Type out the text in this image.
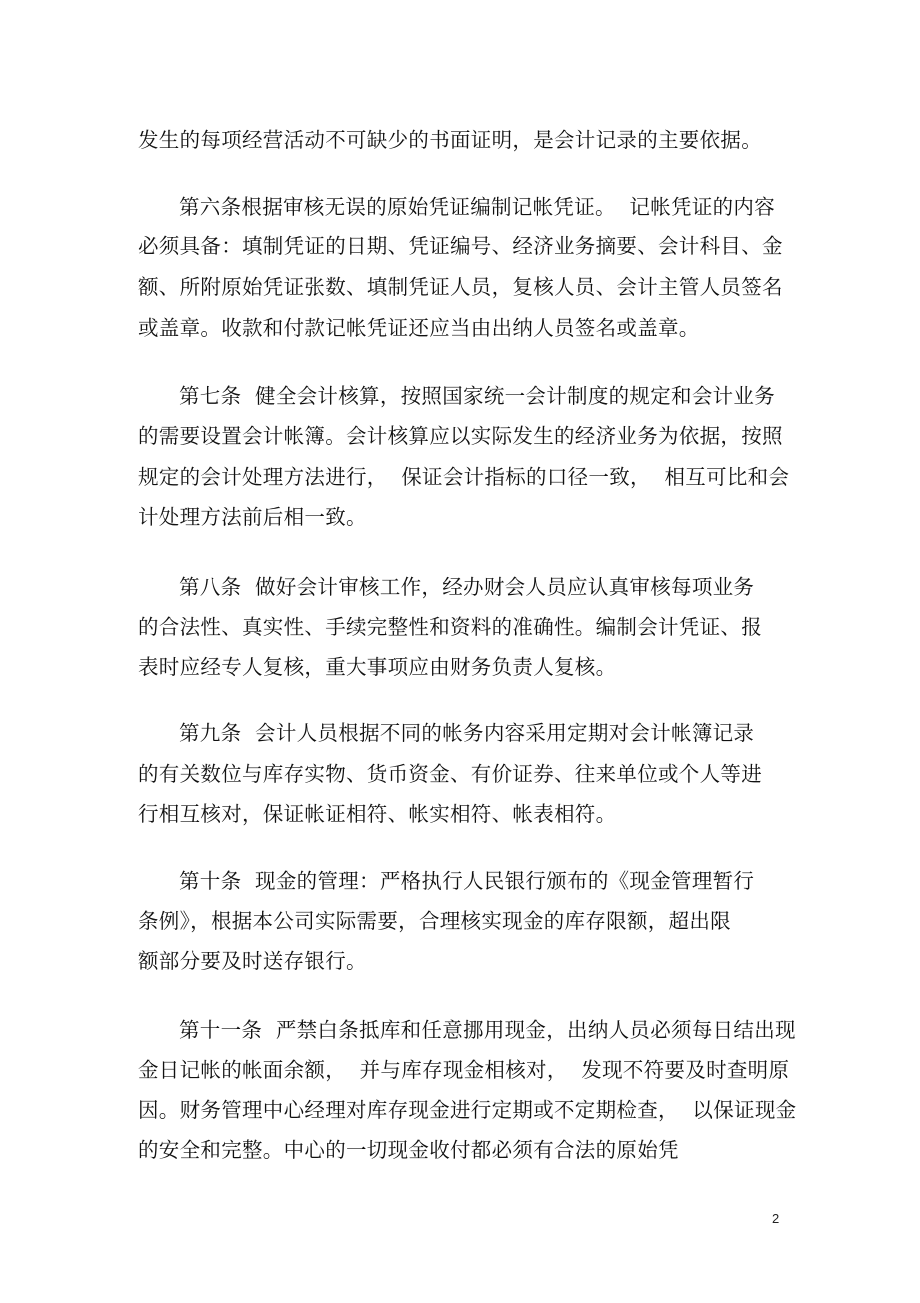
发生的每项经营活动不可缺少的书面证明，是会计记录的主要依据。

第六条根据审核无误的原始凭证编制记帐凭证。  记帐凭证的内容

必须具备：填制凭证的日期、凭证编号、经济业务摘要、会计科目、金

额、所附原始凭证张数、填制凭证人员，复核人员、会计主管人员签名

或盖章。收款和付款记帐凭证还应当由出纳人员签名或盖章。

第七条  健全会计核算，按照国家统一会计制度的规定和会计业务

的需要设置会计帐簿。会计核算应以实际发生的经济业务为依据，按照

规定的会计处理方法进行，  保证会计指标的口径一致，  相互可比和会

计处理方法前后相一致。

第八条  做好会计审核工作，经办财会人员应认真审核每项业务

的合法性、真实性、手续完整性和资料的准确性。编制会计凭证、报

表时应经专人复核，重大事项应由财务负责人复核。

第九条  会计人员根据不同的帐务内容采用定期对会计帐簿记录

的有关数位与库存实物、货币资金、有价证券、往来单位或个人等进

行相互核对，保证帐证相符、帐实相符、帐表相符。

第十条  现金的管理：严格执行人民银行颁布的《现金管理暂行

条例》，根据本公司实际需要，合理核实现金的库存限额，超出限

额部分要及时送存银行。

第十一条  严禁白条抵库和任意挪用现金，出纳人员必须每日结出现

金日记帐的帐面余额，  并与库存现金相核对，  发现不符要及时查明原

因。财务管理中心经理对库存现金进行定期或不定期检查，  以保证现金

的安全和完整。中心的一切现金收付都必须有合法的原始凭

2
